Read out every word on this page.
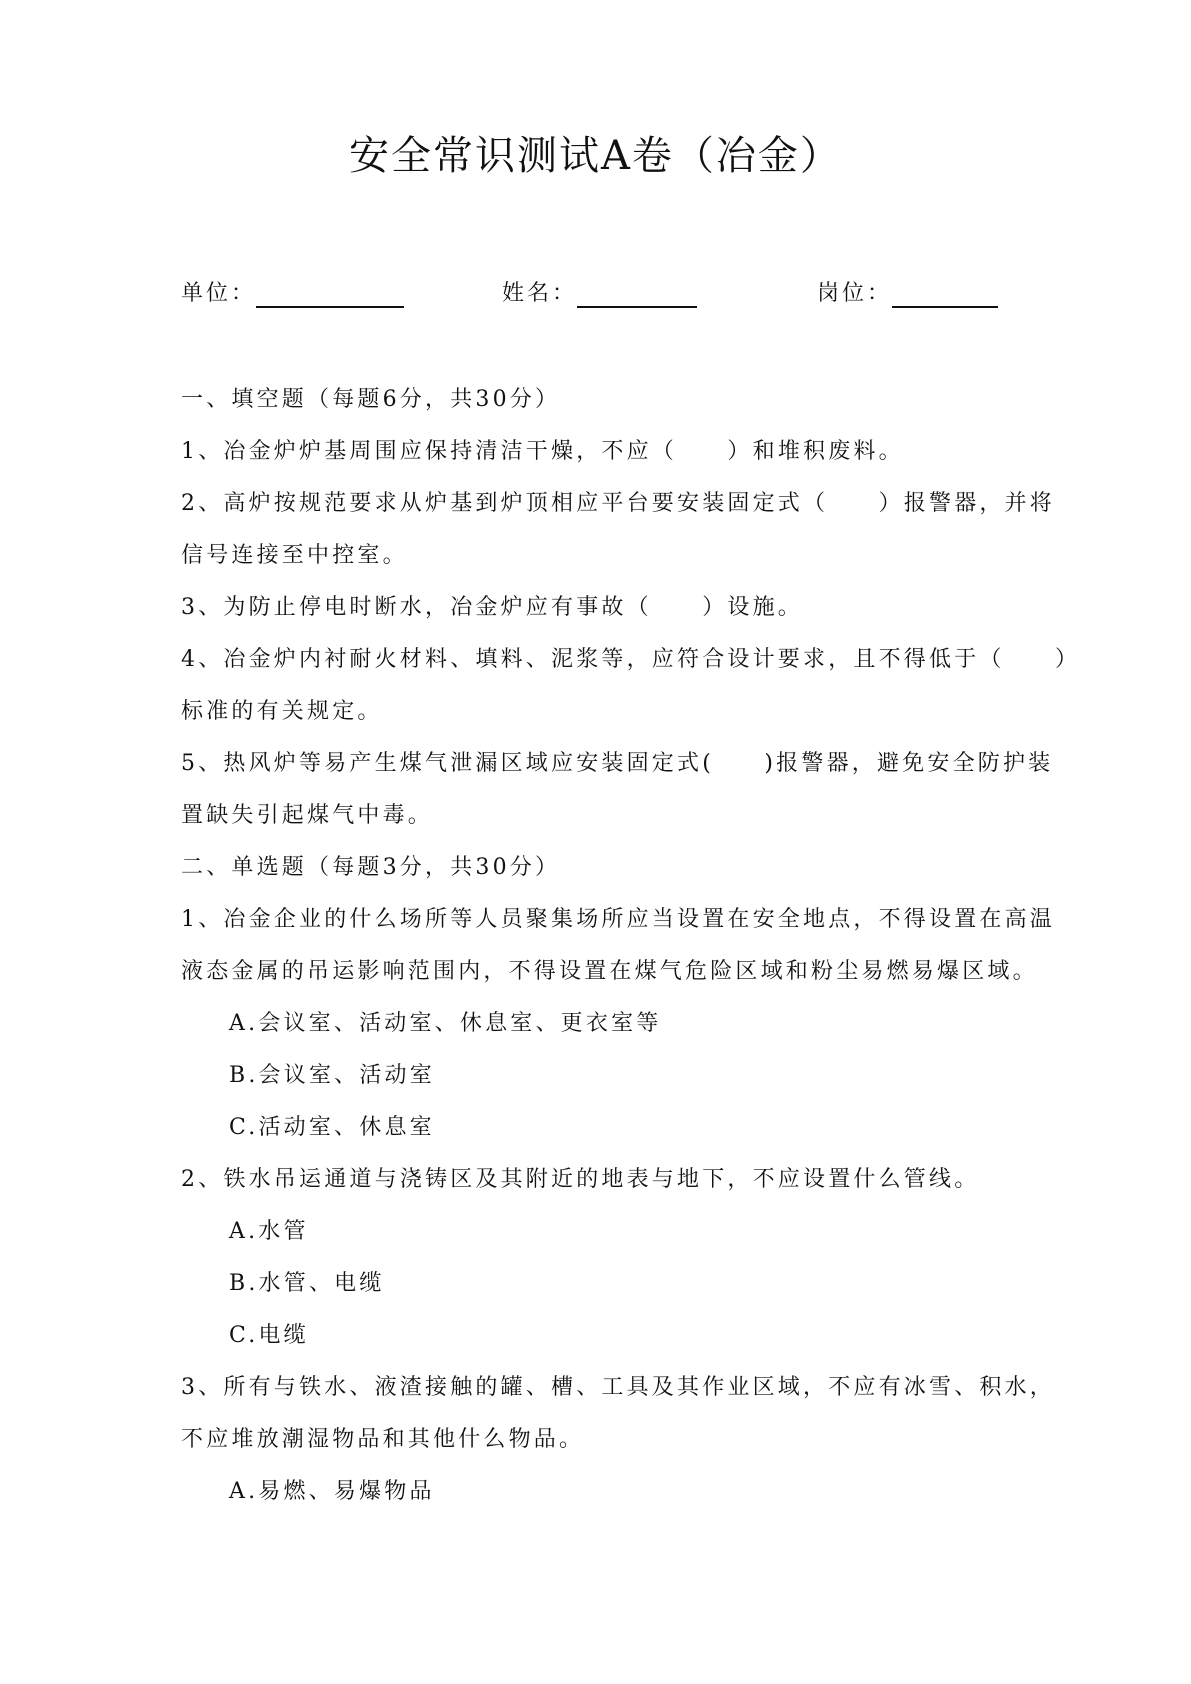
安全常识测试A卷（冶金）
单位：	姓名：	岗位：
一、填空题（每题6分，共30分）
1、冶金炉炉基周围应保持清洁干燥，不应（　　）和堆积废料。
2、高炉按规范要求从炉基到炉顶相应平台要安装固定式（　　）报警器，并将
信号连接至中控室。
3、为防止停电时断水，冶金炉应有事故（　　）设施。
4、冶金炉内衬耐火材料、填料、泥浆等，应符合设计要求，且不得低于（　　）
标准的有关规定。
5、热风炉等易产生煤气泄漏区域应安装固定式(　　)报警器，避免安全防护装
置缺失引起煤气中毒。
二、单选题（每题3分，共30分）
1、冶金企业的什么场所等人员聚集场所应当设置在安全地点，不得设置在高温
液态金属的吊运影响范围内，不得设置在煤气危险区域和粉尘易燃易爆区域。
A.会议室、活动室、休息室、更衣室等
B.会议室、活动室
C.活动室、休息室
2、铁水吊运通道与浇铸区及其附近的地表与地下，不应设置什么管线。
A.水管
B.水管、电缆
C.电缆
3、所有与铁水、液渣接触的罐、槽、工具及其作业区域，不应有冰雪、积水，
不应堆放潮湿物品和其他什么物品。
A.易燃、易爆物品
